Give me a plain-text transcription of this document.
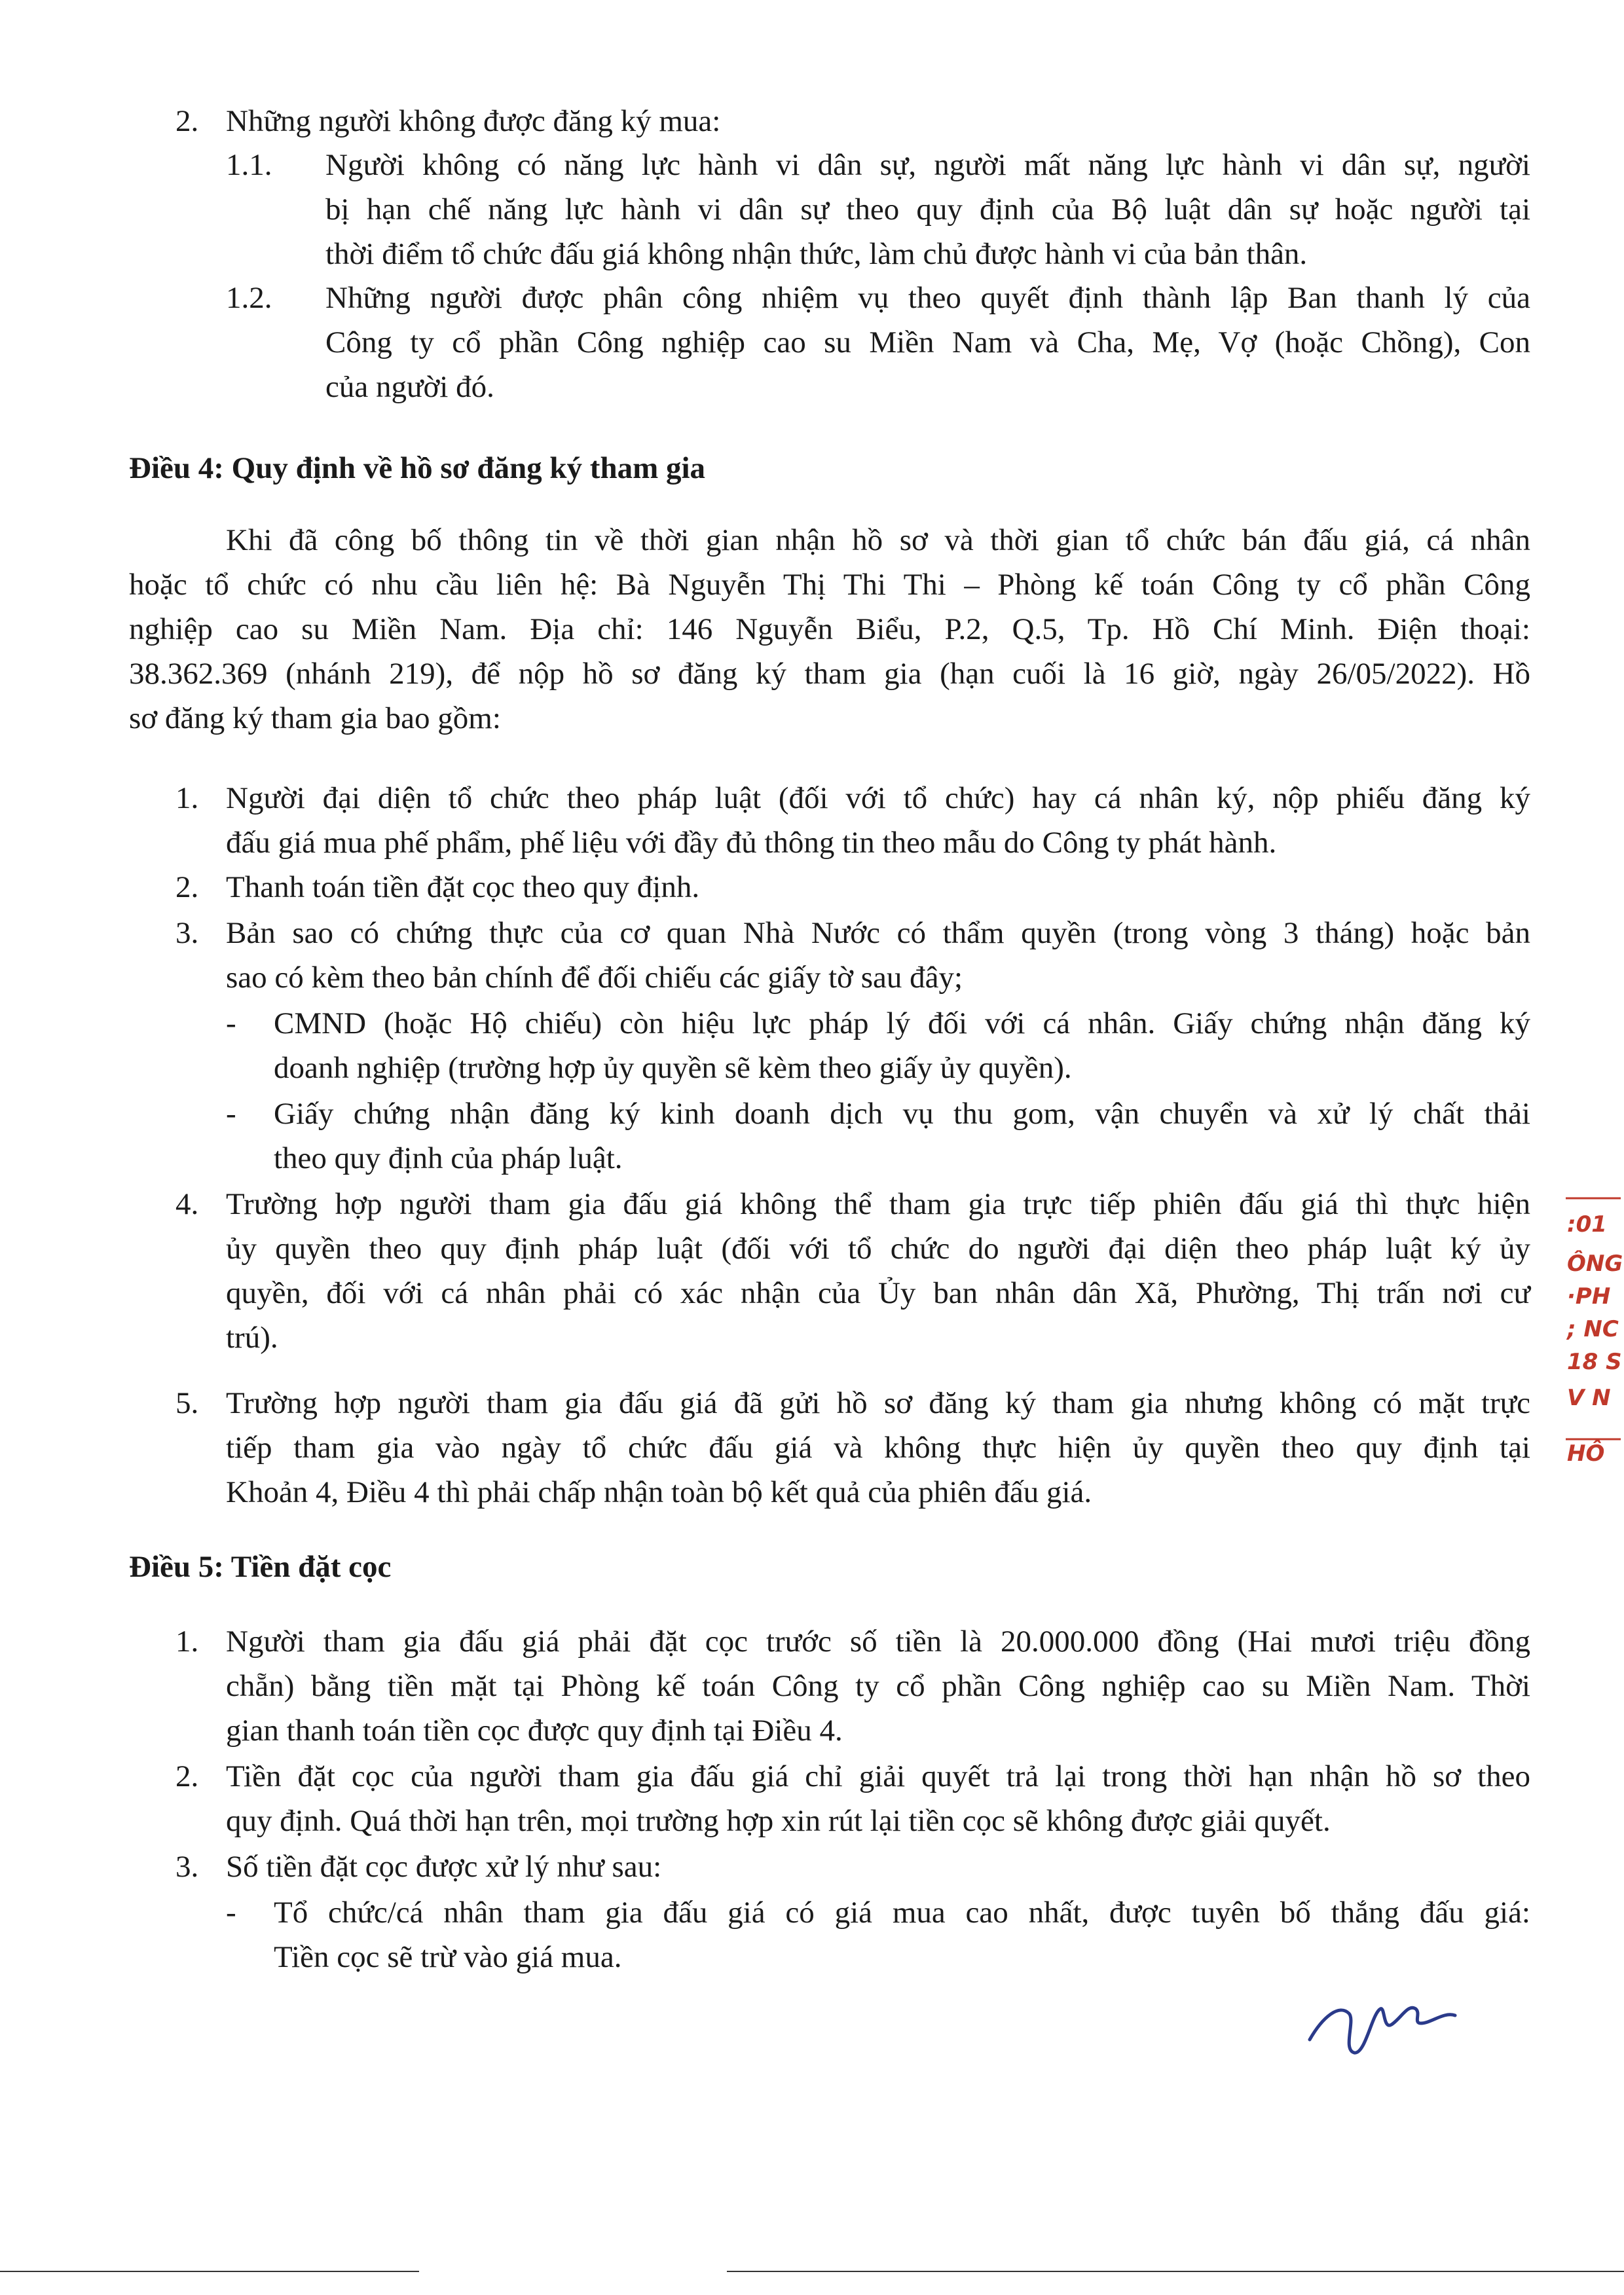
2. Những người không được đăng ký mua:
1.1. Người không có năng lực hành vi dân sự, người mất năng lực hành vi dân sự, người
bị hạn chế năng lực hành vi dân sự theo quy định của Bộ luật dân sự hoặc người tại
thời điểm tổ chức đấu giá không nhận thức, làm chủ được hành vi của bản thân.
1.2. Những người được phân công nhiệm vụ theo quyết định thành lập Ban thanh lý của
Công ty cổ phần Công nghiệp cao su Miền Nam và Cha, Mẹ, Vợ (hoặc Chồng), Con
của người đó.
Điều 4: Quy định về hồ sơ đăng ký tham gia
Khi đã công bố thông tin về thời gian nhận hồ sơ và thời gian tổ chức bán đấu giá, cá nhân
hoặc tổ chức có nhu cầu liên hệ: Bà Nguyễn Thị Thi Thi – Phòng kế toán Công ty cổ phần Công
nghiệp cao su Miền Nam. Địa chỉ: 146 Nguyễn Biểu, P.2, Q.5, Tp. Hồ Chí Minh. Điện thoại:
38.362.369 (nhánh 219), để nộp hồ sơ đăng ký tham gia (hạn cuối là 16 giờ, ngày 26/05/2022). Hồ
sơ đăng ký tham gia bao gồm:
1. Người đại diện tổ chức theo pháp luật (đối với tổ chức) hay cá nhân ký, nộp phiếu đăng ký
đấu giá mua phế phẩm, phế liệu với đầy đủ thông tin theo mẫu do Công ty phát hành.
2. Thanh toán tiền đặt cọc theo quy định.
3. Bản sao có chứng thực của cơ quan Nhà Nước có thẩm quyền (trong vòng 3 tháng) hoặc bản
sao có kèm theo bản chính để đối chiếu các giấy tờ sau đây;
- CMND (hoặc Hộ chiếu) còn hiệu lực pháp lý đối với cá nhân. Giấy chứng nhận đăng ký
doanh nghiệp (trường hợp ủy quyền sẽ kèm theo giấy ủy quyền).
- Giấy chứng nhận đăng ký kinh doanh dịch vụ thu gom, vận chuyển và xử lý chất thải
theo quy định của pháp luật.
4. Trường hợp người tham gia đấu giá không thể tham gia trực tiếp phiên đấu giá thì thực hiện
ủy quyền theo quy định pháp luật (đối với tổ chức do người đại diện theo pháp luật ký ủy
quyền, đối với cá nhân phải có xác nhận của Ủy ban nhân dân Xã, Phường, Thị trấn nơi cư
trú).
5. Trường hợp người tham gia đấu giá đã gửi hồ sơ đăng ký tham gia nhưng không có mặt trực
tiếp tham gia vào ngày tổ chức đấu giá và không thực hiện ủy quyền theo quy định tại
Khoản 4, Điều 4 thì phải chấp nhận toàn bộ kết quả của phiên đấu giá.
Điều 5: Tiền đặt cọc
1. Người tham gia đấu giá phải đặt cọc trước số tiền là 20.000.000 đồng (Hai mươi triệu đồng
chẵn) bằng tiền mặt tại Phòng kế toán Công ty cổ phần Công nghiệp cao su Miền Nam. Thời
gian thanh toán tiền cọc được quy định tại Điều 4.
2. Tiền đặt cọc của người tham gia đấu giá chỉ giải quyết trả lại trong thời hạn nhận hồ sơ theo
quy định. Quá thời hạn trên, mọi trường hợp xin rút lại tiền cọc sẽ không được giải quyết.
3. Số tiền đặt cọc được xử lý như sau:
- Tổ chức/cá nhân tham gia đấu giá có giá mua cao nhất, được tuyên bố thắng đấu giá:
Tiền cọc sẽ trừ vào giá mua.
:01
ÔNG
·PH
; NC
18 S
V N
HÔ
